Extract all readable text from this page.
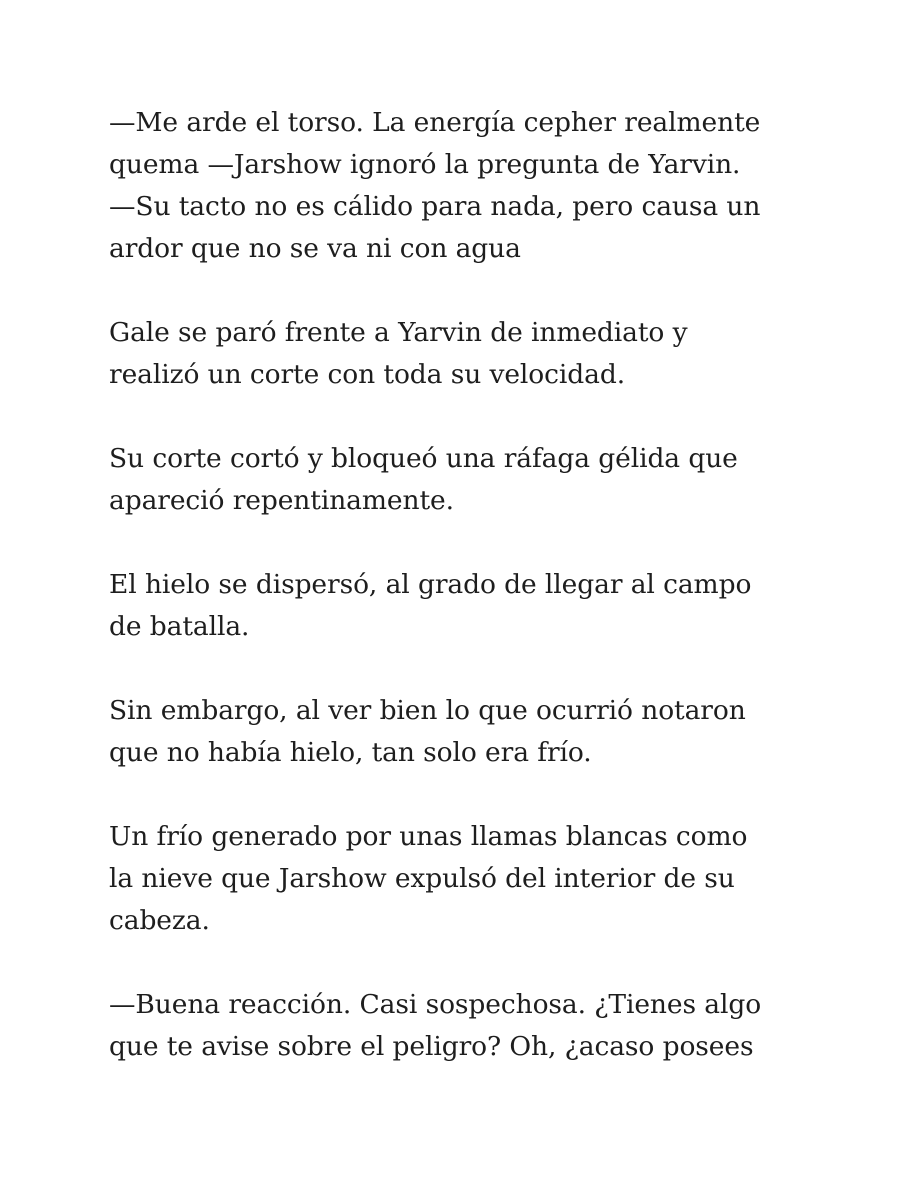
—Me arde el torso. La energía cepher realmente
quema —Jarshow ignoró la pregunta de Yarvin.
—Su tacto no es cálido para nada, pero causa un
ardor que no se va ni con agua

Gale se paró frente a Yarvin de inmediato y
realizó un corte con toda su velocidad.

Su corte cortó y bloqueó una ráfaga gélida que
apareció repentinamente.

El hielo se dispersó, al grado de llegar al campo
de batalla.

Sin embargo, al ver bien lo que ocurrió notaron
que no había hielo, tan solo era frío.

Un frío generado por unas llamas blancas como
la nieve que Jarshow expulsó del interior de su
cabeza.

—Buena reacción. Casi sospechosa. ¿Tienes algo
que te avise sobre el peligro? Oh, ¿acaso posees
